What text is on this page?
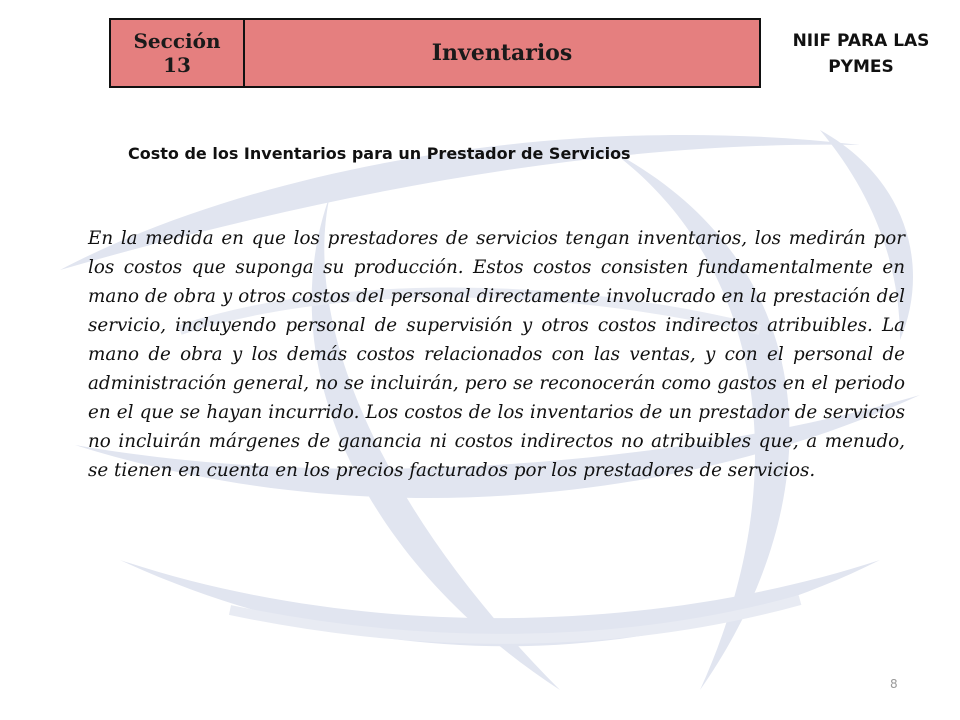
Sección 13	Inventarios	NIIF PARA LAS PYMES
Costo de los Inventarios para un Prestador de Servicios

En la medida en que los prestadores de servicios tengan inventarios, los medirán por los costos que suponga su producción. Estos costos consisten fundamentalmente en mano de obra y otros costos del personal directamente involucrado en la prestación del servicio, incluyendo personal de supervisión y otros costos indirectos atribuibles. La mano de obra y los demás costos relacionados con las ventas, y con el personal de administración general, no se incluirán, pero se reconocerán como gastos en el periodo en el que se hayan incurrido. Los costos de los inventarios de un prestador de servicios no incluirán márgenes de ganancia ni costos indirectos no atribuibles que, a menudo, se tienen en cuenta en los precios facturados por los prestadores de servicios.

8
